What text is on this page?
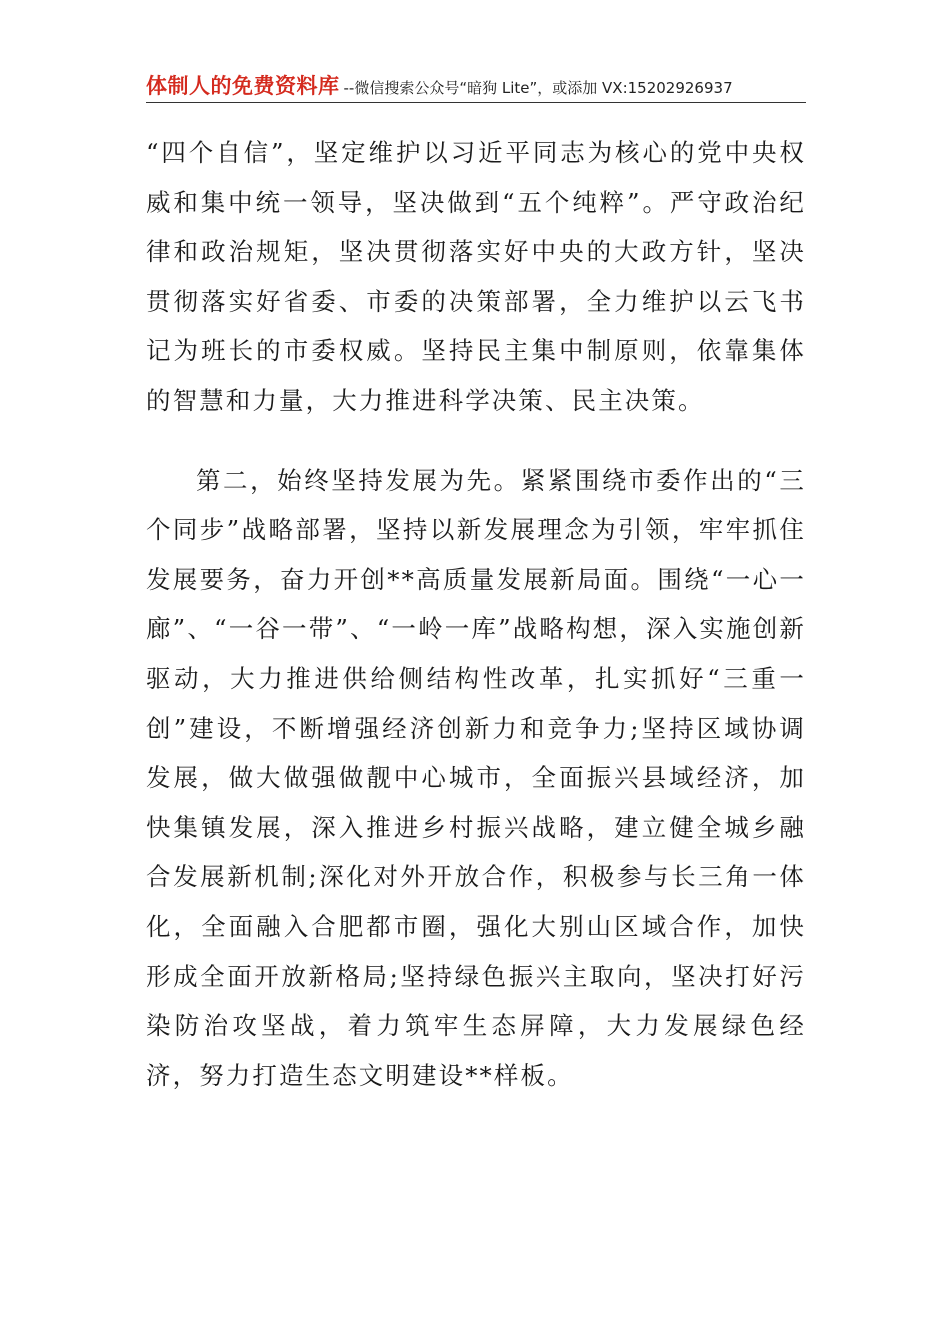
体制人的免费资料库 --微信搜索公众号“暗狗 Lite”，或添加 VX:15202926937

“四个自信”，坚定维护以习近平同志为核心的党中央权威和集中统一领导，坚决做到“五个纯粹”。严守政治纪律和政治规矩，坚决贯彻落实好中央的大政方针，坚决贯彻落实好省委、市委的决策部署，全力维护以云飞书记为班长的市委权威。坚持民主集中制原则，依靠集体的智慧和力量，大力推进科学决策、民主决策。

第二，始终坚持发展为先。紧紧围绕市委作出的“三个同步”战略部署，坚持以新发展理念为引领，牢牢抓住发展要务，奋力开创**高质量发展新局面。围绕“一心一廊”、“一谷一带”、“一岭一库”战略构想，深入实施创新驱动，大力推进供给侧结构性改革，扎实抓好“三重一创”建设，不断增强经济创新力和竞争力;坚持区域协调发展，做大做强做靓中心城市，全面振兴县域经济，加快集镇发展，深入推进乡村振兴战略，建立健全城乡融合发展新机制;深化对外开放合作，积极参与长三角一体化，全面融入合肥都市圈，强化大别山区域合作，加快形成全面开放新格局;坚持绿色振兴主取向，坚决打好污染防治攻坚战，着力筑牢生态屏障，大力发展绿色经济，努力打造生态文明建设**样板。
